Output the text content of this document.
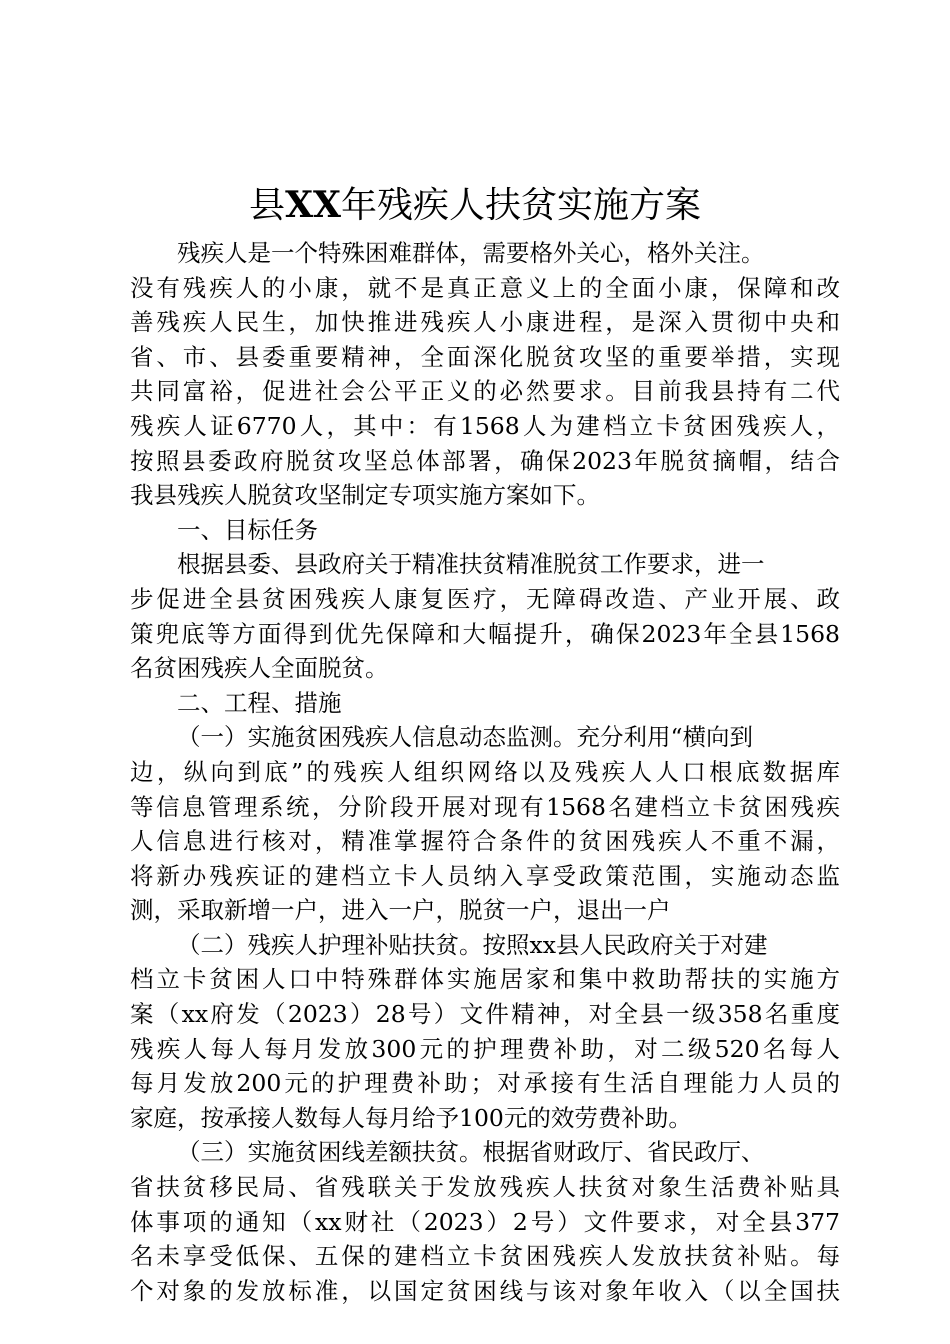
县XX年残疾人扶贫实施方案
残疾人是一个特殊困难群体，需要格外关心，格外关注。
没有残疾人的小康，就不是真正意义上的全面小康，保障和改
善残疾人民生，加快推进残疾人小康进程，是深入贯彻中央和
省、市、县委重要精神，全面深化脱贫攻坚的重要举措，实现
共同富裕，促进社会公平正义的必然要求。目前我县持有二代
残疾人证6770人，其中：有1568人为建档立卡贫困残疾人，
按照县委政府脱贫攻坚总体部署，确保2023年脱贫摘帽，结合
我县残疾人脱贫攻坚制定专项实施方案如下。
一、目标任务
根据县委、县政府关于精准扶贫精准脱贫工作要求，进一
步促进全县贫困残疾人康复医疗，无障碍改造、产业开展、政
策兜底等方面得到优先保障和大幅提升，确保2023年全县1568
名贫困残疾人全面脱贫。
二、工程、措施
（一）实施贫困残疾人信息动态监测。充分利用“横向到
边，纵向到底”的残疾人组织网络以及残疾人人口根底数据库
等信息管理系统，分阶段开展对现有1568名建档立卡贫困残疾
人信息进行核对，精准掌握符合条件的贫困残疾人不重不漏，
将新办残疾证的建档立卡人员纳入享受政策范围，实施动态监
测，采取新增一户，进入一户，脱贫一户，退出一户
（二）残疾人护理补贴扶贫。按照xx县人民政府关于对建
档立卡贫困人口中特殊群体实施居家和集中救助帮扶的实施方
案（xx府发（2023）28号）文件精神，对全县一级358名重度
残疾人每人每月发放300元的护理费补助，对二级520名每人
每月发放200元的护理费补助；对承接有生活自理能力人员的
家庭，按承接人数每人每月给予100元的效劳费补助。
（三）实施贫困线差额扶贫。根据省财政厅、省民政厅、
省扶贫移民局、省残联关于发放残疾人扶贫对象生活费补贴具
体事项的通知（xx财社（2023）2号）文件要求，对全县377
名未享受低保、五保的建档立卡贫困残疾人发放扶贫补贴。每
个对象的发放标准，以国定贫困线与该对象年收入（以全国扶
